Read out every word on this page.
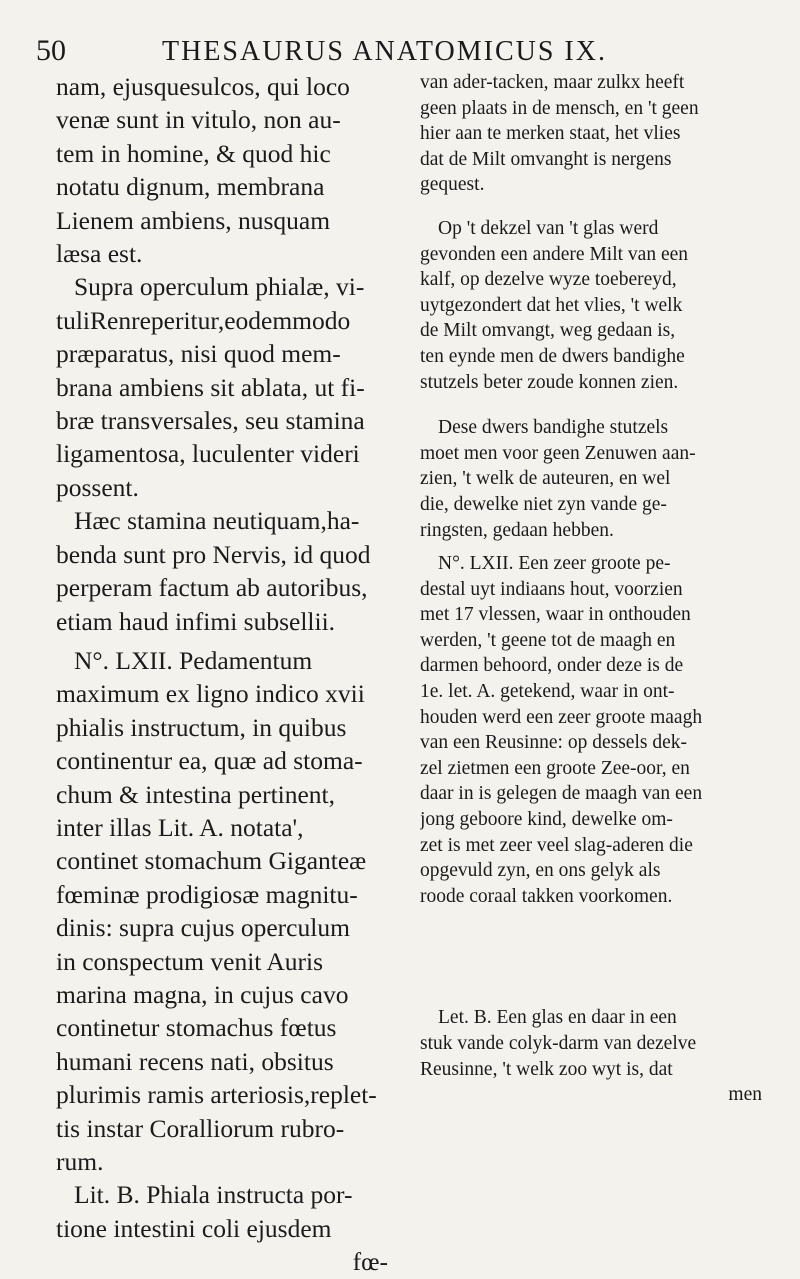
50	THESAURUS ANATOMICUS IX.
nam, ejusquesulcos, qui loco
venæ sunt in vitulo, non au-
tem in homine, & quod hic
notatu dignum, membrana
Lienem ambiens, nusquam
læsa est.
Supra operculum phialæ, vi-
tuliRenreperitur,eodemmodo
præparatus, nisi quod mem-
brana ambiens sit ablata, ut fi-
bræ transversales, seu stamina
ligamentosa, luculenter videri
possent.
Hæc stamina neutiquam,ha-
benda sunt pro Nervis, id quod
perperam factum ab autoribus,
etiam haud infimi subsellii.
N°. LXII. Pedamentum
maximum ex ligno indico xvii
phialis instructum, in quibus
continentur ea, quæ ad stoma-
chum & intestina pertinent,
inter illas Lit. A. notata',
continet stomachum Giganteæ
fœminæ prodigiosæ magnitu-
dinis: supra cujus operculum
in conspectum venit Auris
marina magna, in cujus cavo
continetur stomachus fœtus
humani recens nati, obsitus
plurimis ramis arteriosis,replet-
tis instar Coralliorum rubro-
rum.
Lit. B. Phiala instructa por-
tione intestini coli ejusdem
fœ-
van ader-tacken, maar zulkx heeft
geen plaats in de mensch, en 't geen
hier aan te merken staat, het vlies
dat de Milt omvanght is nergens
gequest.
Op 't dekzel van 't glas werd
gevonden een andere Milt van een
kalf, op dezelve wyze toebereyd,
uytgezondert dat het vlies, 't welk
de Milt omvangt, weg gedaan is,
ten eynde men de dwers bandighe
stutzels beter zoude konnen zien.
Dese dwers bandighe stutzels
moet men voor geen Zenuwen aan-
zien, 't welk de auteuren, en wel
die, dewelke niet zyn vande ge-
ringsten, gedaan hebben.
N°. LXII. Een zeer groote pe-
destal uyt indiaans hout, voorzien
met 17 vlessen, waar in onthouden
werden, 't geene tot de maagh en
darmen behoord, onder deze is de
1e. let. A. getekend, waar in ont-
houden werd een zeer groote maagh
van een Reusinne: op dessels dek-
zel zietmen een groote Zee-oor, en
daar in is gelegen de maagh van een
jong geboore kind, dewelke om-
zet is met zeer veel slag-aderen die
opgevuld zyn, en ons gelyk als
roode coraal takken voorkomen.
Let. B. Een glas en daar in een
stuk vande colyk-darm van dezelve
Reusinne, 't welk zoo wyt is, dat
men
